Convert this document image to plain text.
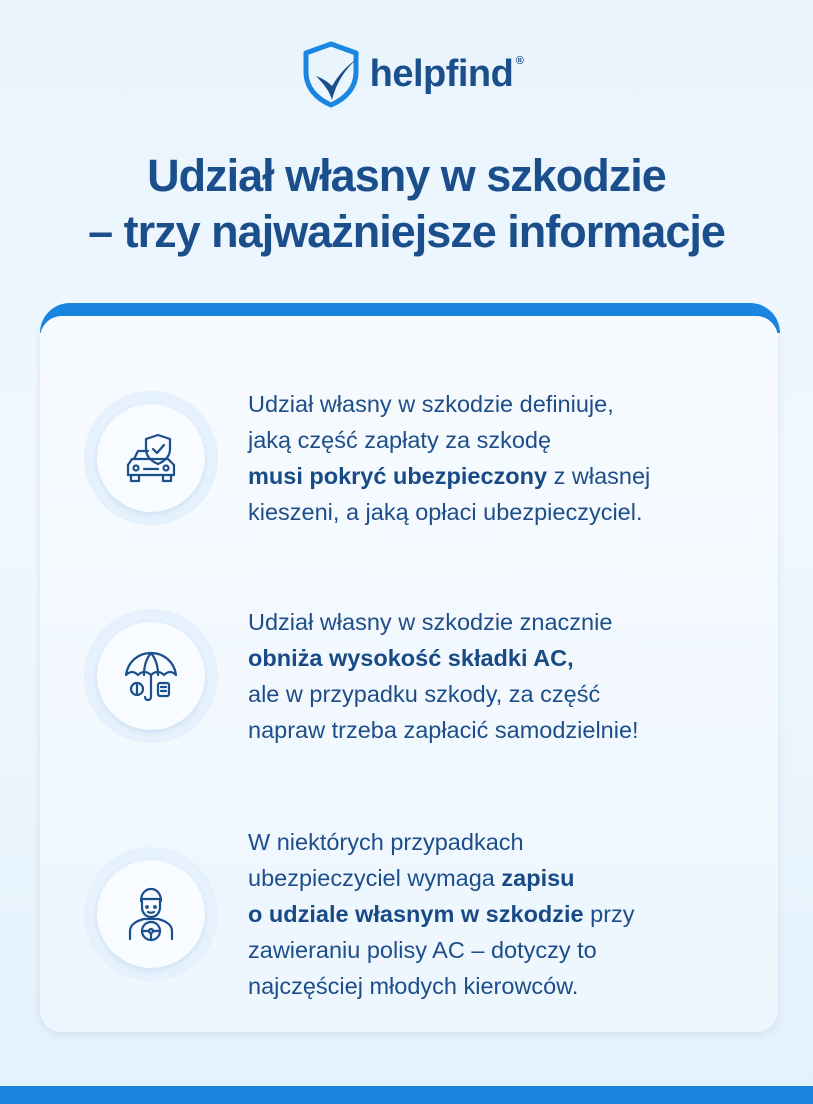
helpfind ®
Udział własny w szkodzie
– trzy najważniejsze informacje
Udział własny w szkodzie definiuje,
jaką część zapłaty za szkodę
musi pokryć ubezpieczony z własnej
kieszeni, a jaką opłaci ubezpieczyciel.
Udział własny w szkodzie znacznie
obniża wysokość składki AC,
ale w przypadku szkody, za część
napraw trzeba zapłacić samodzielnie!
W niektórych przypadkach
ubezpieczyciel wymaga zapisu
o udziale własnym w szkodzie przy
zawieraniu polisy AC – dotyczy to
najczęściej młodych kierowców.
